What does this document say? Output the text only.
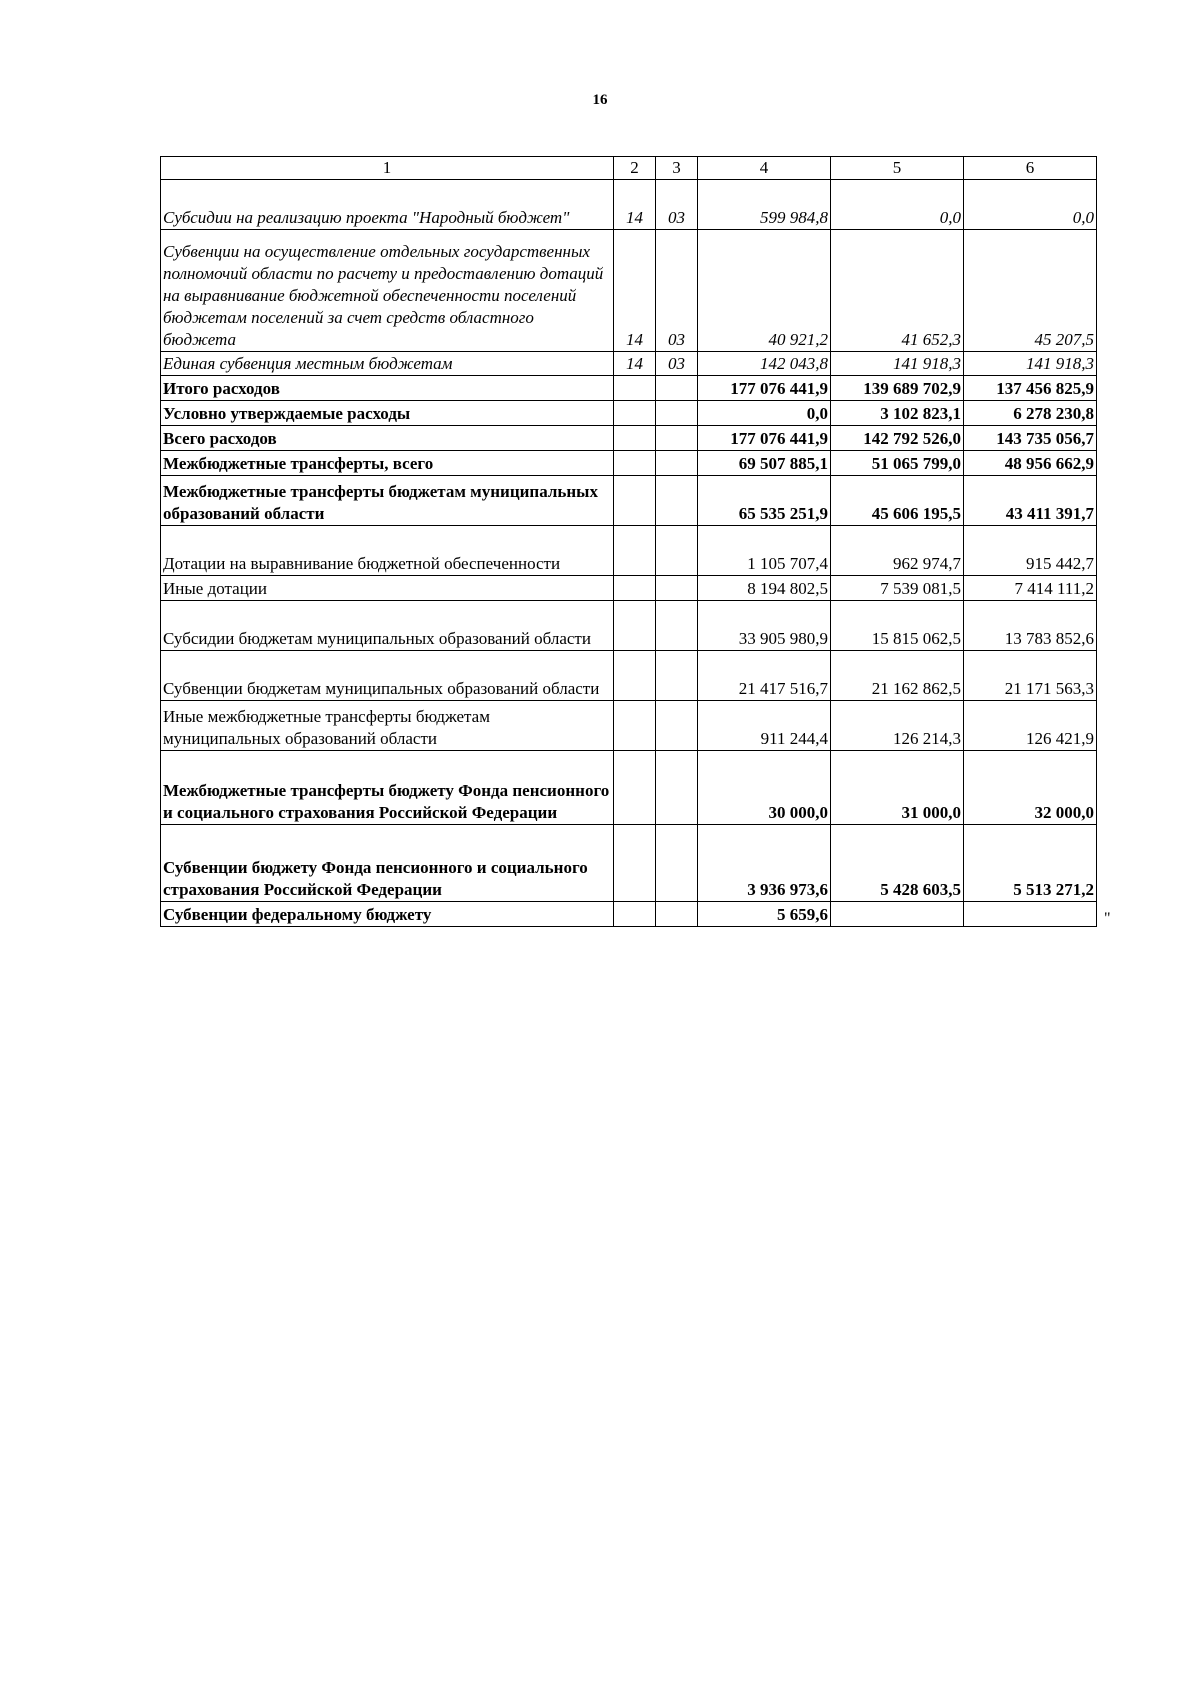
16
1	2	3	4	5	6
Субсидии на реализацию проекта "Народный бюджет"	14	03	599 984,8	0,0	0,0
Субвенции на осуществление отдельных государственных полномочий области по расчету и предоставлению дотаций на выравнивание бюджетной обеспеченности поселений бюджетам поселений за счет средств областного бюджета	14	03	40 921,2	41 652,3	45 207,5
Единая субвенция местным бюджетам	14	03	142 043,8	141 918,3	141 918,3
Итого расходов			177 076 441,9	139 689 702,9	137 456 825,9
Условно утверждаемые расходы			0,0	3 102 823,1	6 278 230,8
Всего расходов			177 076 441,9	142 792 526,0	143 735 056,7
Межбюджетные трансферты, всего			69 507 885,1	51 065 799,0	48 956 662,9
Межбюджетные трансферты бюджетам муниципальных образований области			65 535 251,9	45 606 195,5	43 411 391,7
Дотации на выравнивание бюджетной обеспеченности			1 105 707,4	962 974,7	915 442,7
Иные дотации			8 194 802,5	7 539 081,5	7 414 111,2
Субсидии бюджетам муниципальных образований области			33 905 980,9	15 815 062,5	13 783 852,6
Субвенции бюджетам муниципальных образований области			21 417 516,7	21 162 862,5	21 171 563,3
Иные межбюджетные трансферты бюджетам муниципальных образований области			911 244,4	126 214,3	126 421,9
Межбюджетные трансферты бюджету Фонда пенсионного и социального страхования Российской Федерации			30 000,0	31 000,0	32 000,0
Субвенции бюджету Фонда пенсионного и социального страхования Российской Федерации			3 936 973,6	5 428 603,5	5 513 271,2
Субвенции федеральному бюджету			5 659,6			"
